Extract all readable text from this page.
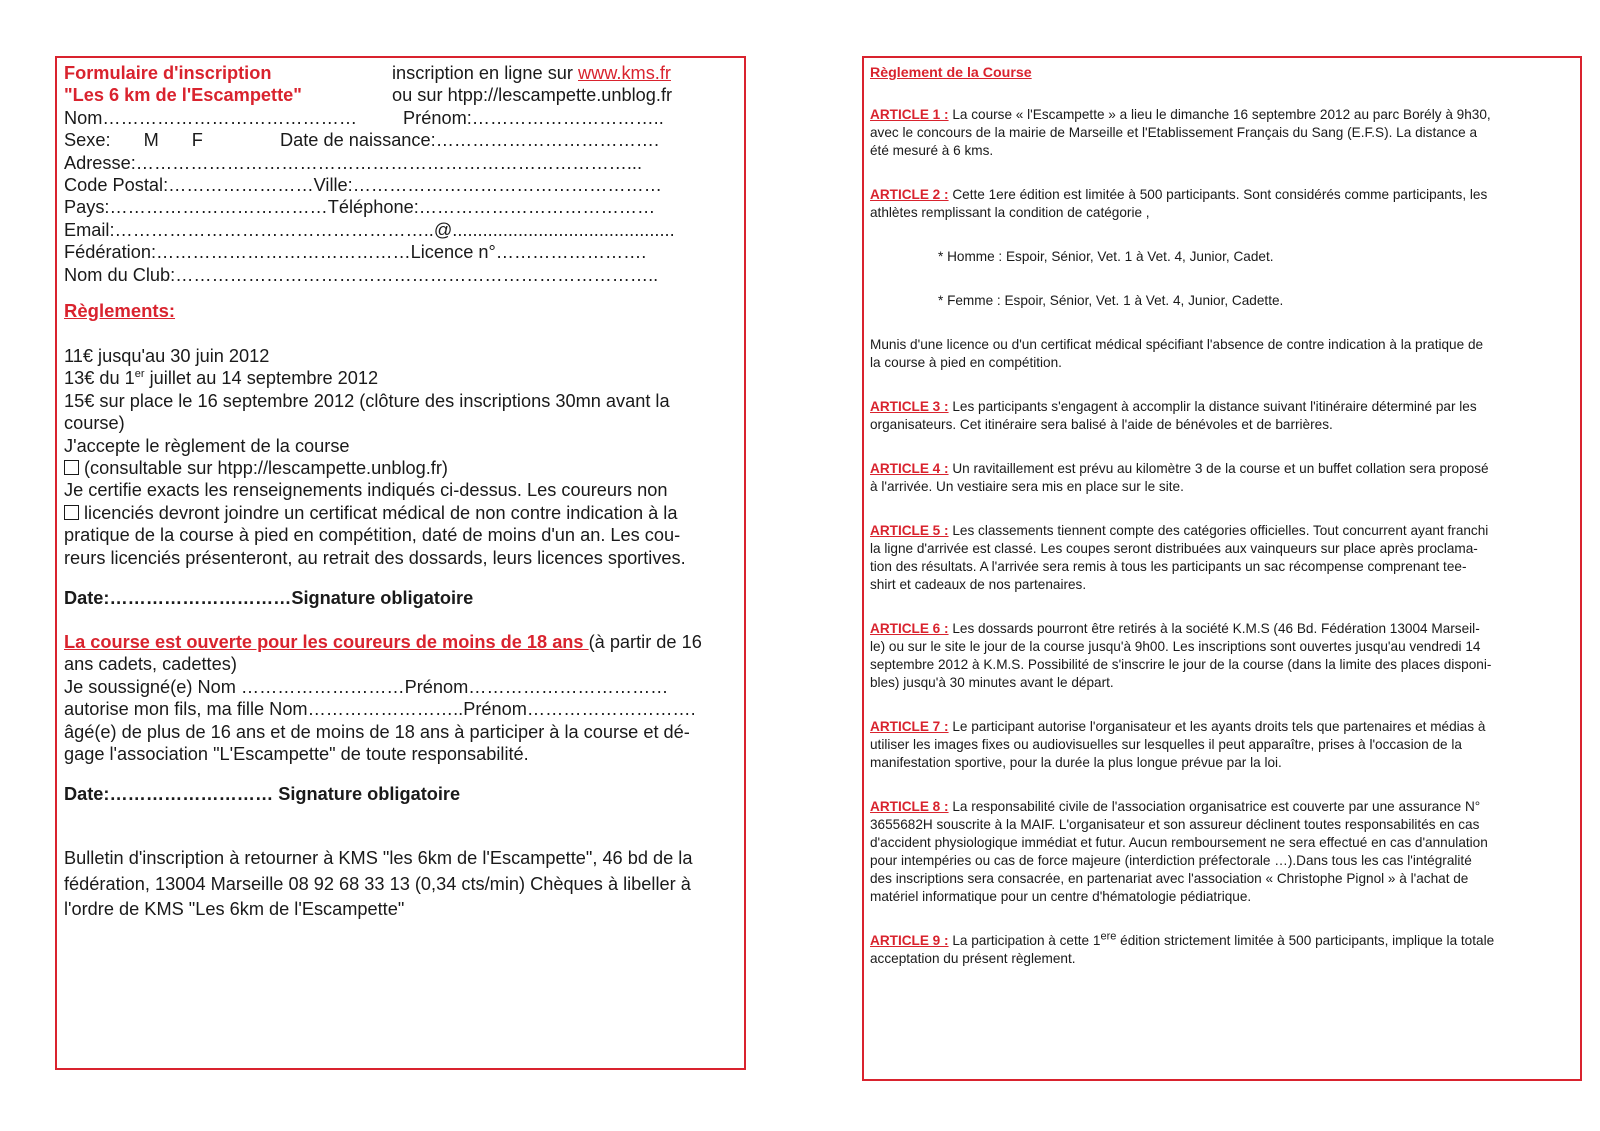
Formulaire d'inscription	inscription en ligne sur www.kms.fr
"Les 6 km de l'Escampette"	ou sur htpp://lescampette.unblog.fr
Nom……………………………………	Prénom:…………………………..
Sexe: M F	Date de naissance:……………………………….
Adresse:………………………………………………………………………...
Code Postal:……………………Ville:……………………………………………
Pays:………………………………Téléphone:…………………………………
Email:……………………………………………..@............................................
Fédération:……………………………………Licence n°…………………….
Nom du Club:……………………………………………………………………..
Règlements:
11€ jusqu'au 30 juin 2012
13€ du 1er juillet au 14 septembre 2012
15€ sur place le 16 septembre 2012 (clôture des inscriptions 30mn avant la
course)
J'accepte le règlement de la course
(consultable sur htpp://lescampette.unblog.fr)
Je certifie exacts les renseignements indiqués ci-dessus. Les coureurs non
licenciés devront joindre un certificat médical de non contre indication à la
pratique de la course à pied en compétition, daté de moins d'un an. Les cou-
reurs licenciés présenteront, au retrait des dossards, leurs licences sportives.
Date:…………………………Signature obligatoire
La course est ouverte pour les coureurs de moins de 18 ans (à partir de 16
ans cadets, cadettes)
Je soussigné(e) Nom ………………………Prénom……………………………
autorise mon fils, ma fille Nom……………………..Prénom……………………….
âgé(e) de plus de 16 ans et de moins de 18 ans à participer à la course et dé-
gage l'association "L'Escampette" de toute responsabilité.
Date:……………………… Signature obligatoire
Bulletin d'inscription à retourner à KMS "les 6km de l'Escampette", 46 bd de la
fédération, 13004 Marseille 08 92 68 33 13 (0,34 cts/min) Chèques à libeller à
l'ordre de KMS "Les 6km de l'Escampette"
Règlement de la Course
ARTICLE 1 : La course « l'Escampette » a lieu le dimanche 16 septembre 2012 au parc Borély à 9h30,
avec le concours de la mairie de Marseille et l'Etablissement Français du Sang (E.F.S). La distance a
été mesuré à 6 kms.
ARTICLE 2 : Cette 1ere édition est limitée à 500 participants. Sont considérés comme participants, les
athlètes remplissant la condition de catégorie ,
* Homme : Espoir, Sénior, Vet. 1 à Vet. 4, Junior, Cadet.
* Femme : Espoir, Sénior, Vet. 1 à Vet. 4, Junior, Cadette.
Munis d'une licence ou d'un certificat médical spécifiant l'absence de contre indication à la pratique de
la course à pied en compétition.
ARTICLE 3 : Les participants s'engagent à accomplir la distance suivant l'itinéraire déterminé par les
organisateurs. Cet itinéraire sera balisé à l'aide de bénévoles et de barrières.
ARTICLE 4 : Un ravitaillement est prévu au kilomètre 3 de la course et un buffet collation sera proposé
à l'arrivée. Un vestiaire sera mis en place sur le site.
ARTICLE 5 : Les classements tiennent compte des catégories officielles. Tout concurrent ayant franchi
la ligne d'arrivée est classé. Les coupes seront distribuées aux vainqueurs sur place après proclama-
tion des résultats. A l'arrivée sera remis à tous les participants un sac récompense comprenant tee-
shirt et cadeaux de nos partenaires.
ARTICLE 6 : Les dossards pourront être retirés à la société K.M.S (46 Bd. Fédération 13004 Marseil-
le) ou sur le site le jour de la course jusqu'à 9h00. Les inscriptions sont ouvertes jusqu'au vendredi 14
septembre 2012 à K.M.S. Possibilité de s'inscrire le jour de la course (dans la limite des places disponi-
bles) jusqu'à 30 minutes avant le départ.
ARTICLE 7 : Le participant autorise l'organisateur et les ayants droits tels que partenaires et médias à
utiliser les images fixes ou audiovisuelles sur lesquelles il peut apparaître, prises à l'occasion de la
manifestation sportive, pour la durée la plus longue prévue par la loi.
ARTICLE 8 : La responsabilité civile de l'association organisatrice est couverte par une assurance N°
3655682H souscrite à la MAIF. L'organisateur et son assureur déclinent toutes responsabilités en cas
d'accident physiologique immédiat et futur. Aucun remboursement ne sera effectué en cas d'annulation
pour intempéries ou cas de force majeure (interdiction préfectorale …).Dans tous les cas l'intégralité
des inscriptions sera consacrée, en partenariat avec l'association « Christophe Pignol » à l'achat de
matériel informatique pour un centre d'hématologie pédiatrique.
ARTICLE 9 : La participation à cette 1ere édition strictement limitée à 500 participants, implique la totale
acceptation du présent règlement.
